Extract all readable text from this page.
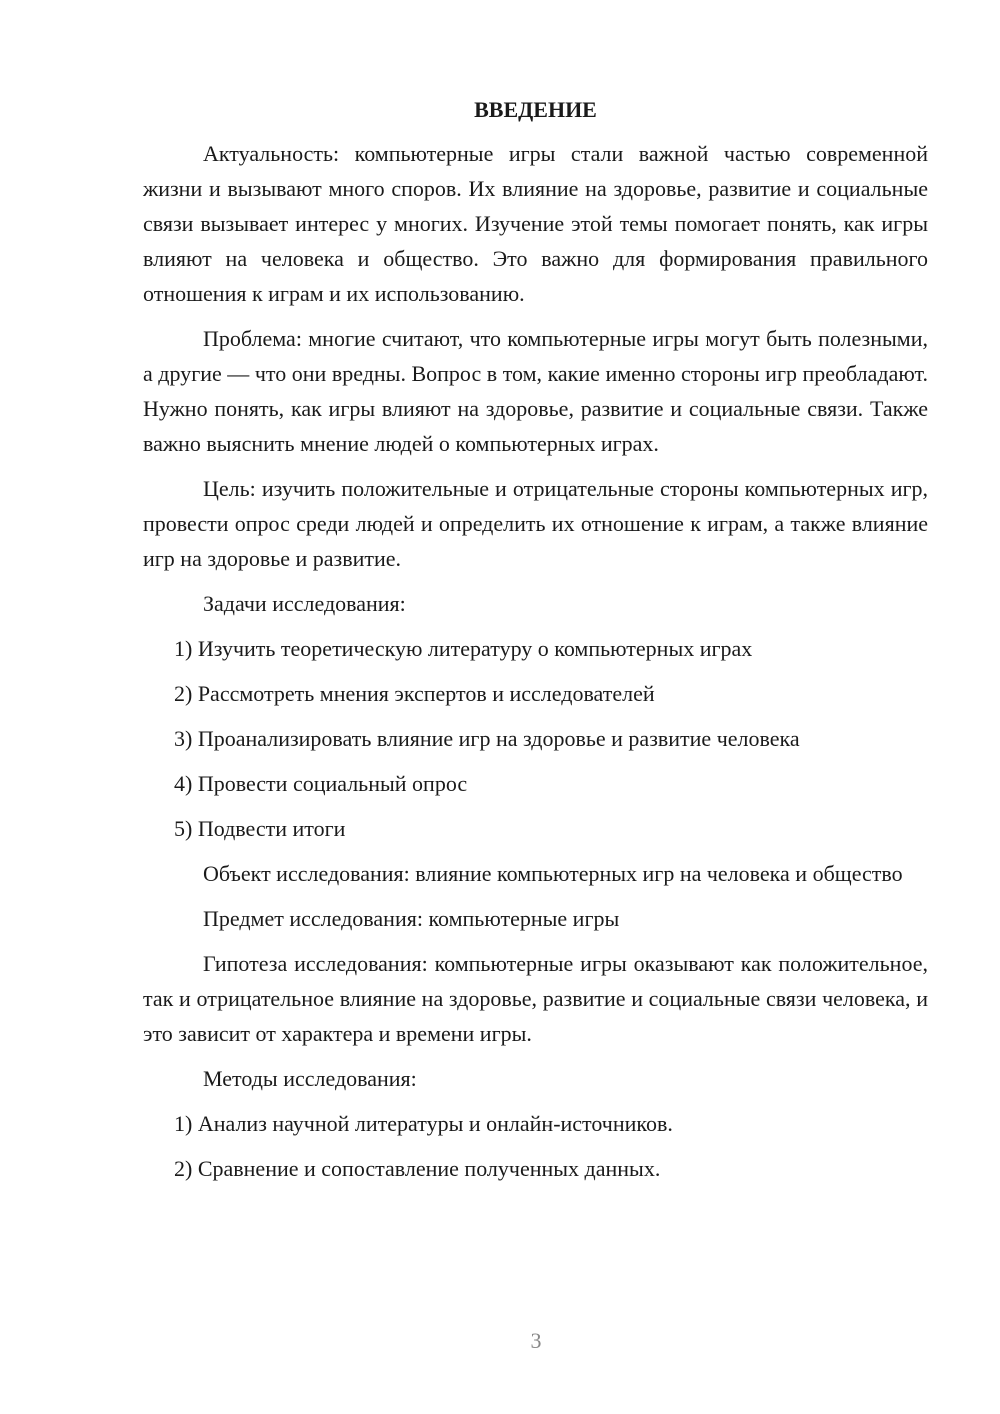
ВВЕДЕНИЕ

Актуальность: компьютерные игры стали важной частью современной жизни и вызывают много споров. Их влияние на здоровье, развитие и социальные связи вызывает интерес у многих. Изучение этой темы помогает понять, как игры влияют на человека и общество. Это важно для формирования правильного отношения к играм и их использованию.

Проблема: многие считают, что компьютерные игры могут быть полезными, а другие — что они вредны. Вопрос в том, какие именно стороны игр преобладают. Нужно понять, как игры влияют на здоровье, развитие и социальные связи. Также важно выяснить мнение людей о компьютерных играх.

Цель: изучить положительные и отрицательные стороны компьютерных игр, провести опрос среди людей и определить их отношение к играм, а также влияние игр на здоровье и развитие.

Задачи исследования:

1) Изучить теоретическую литературу о компьютерных играх

2) Рассмотреть мнения экспертов и исследователей

3) Проанализировать влияние игр на здоровье и развитие человека

4) Провести социальный опрос

5) Подвести итоги

Объект исследования: влияние компьютерных игр на человека и общество

Предмет исследования: компьютерные игры

Гипотеза исследования: компьютерные игры оказывают как положительное, так и отрицательное влияние на здоровье, развитие и социальные связи человека, и это зависит от характера и времени игры.

Методы исследования:

1) Анализ научной литературы и онлайн-источников.

2) Сравнение и сопоставление полученных данных.

3
